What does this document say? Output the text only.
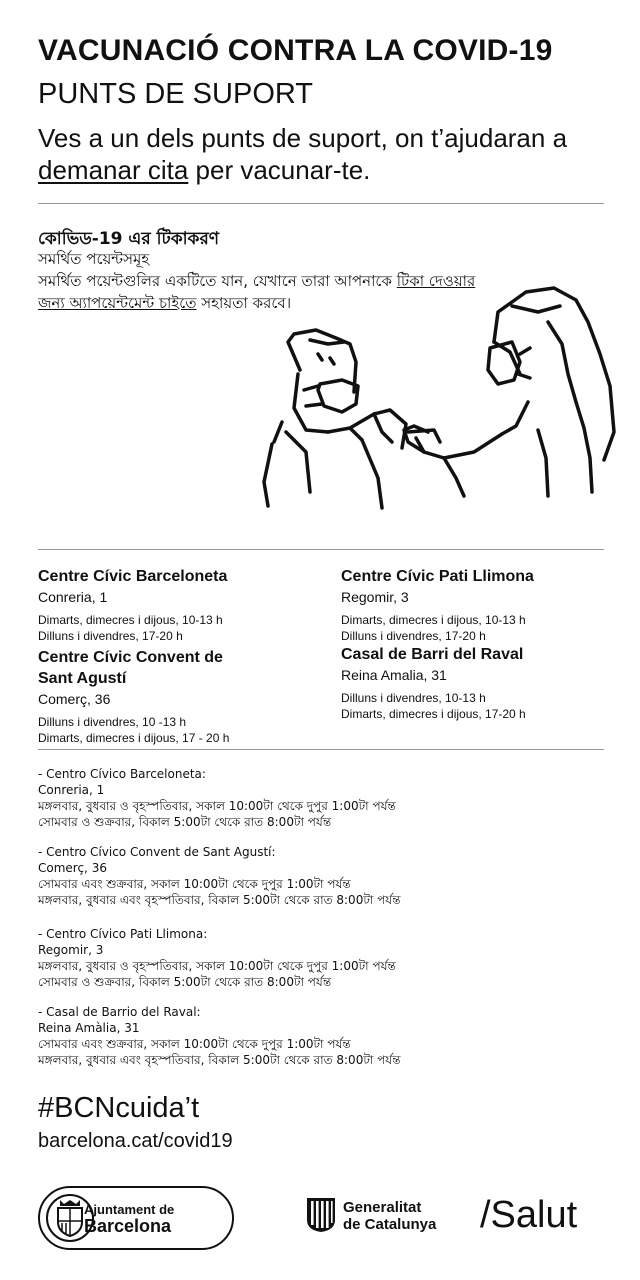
VACUNACIÓ CONTRA LA COVID-19
PUNTS DE SUPORT
Ves a un dels punts de suport, on t’ajudaran a demanar cita per vacunar-te.
কোভিড-19 এর টিকাকরণ
সমর্থিত পয়েন্টসমূহ
সমর্থিত পয়েন্টগুলির একটিতে যান, যেখানে তারা আপনাকে টিকা দেওয়ার জন্য অ্যাপয়েন্টমেন্ট চাইতে সহায়তা করবে।
Centre Cívic Barceloneta
Conreria, 1
Dimarts, dimecres i dijous, 10-13 h
Dilluns i divendres, 17-20 h
Centre Cívic Convent de Sant Agustí
Comerç, 36
Dilluns i divendres, 10 -13 h
Dimarts, dimecres i dijous, 17 - 20 h
Centre Cívic Pati Llimona
Regomir, 3
Dimarts, dimecres i dijous, 10-13 h
Dilluns i divendres, 17-20 h
Casal de Barri del Raval
Reina Amalia, 31
Dilluns i divendres, 10-13 h
Dimarts, dimecres i dijous, 17-20 h
- Centro Cívico Barceloneta:
Conreria, 1
মঙ্গলবার, বুধবার ও বৃহস্পতিবার, সকাল 10:00টা থেকে দুপুর 1:00টা পর্যন্ত
সোমবার ও শুক্রবার, বিকাল 5:00টা থেকে রাত 8:00টা পর্যন্ত
- Centro Cívico Convent de Sant Agustí:
Comerç, 36
সোমবার এবং শুক্রবার, সকাল 10:00টা থেকে দুপুর 1:00টা পর্যন্ত
মঙ্গলবার, বুধবার এবং বৃহস্পতিবার, বিকাল 5:00টা থেকে রাত 8:00টা পর্যন্ত
- Centro Cívico Pati Llimona:
Regomir, 3
মঙ্গলবার, বুধবার ও বৃহস্পতিবার, সকাল 10:00টা থেকে দুপুর 1:00টা পর্যন্ত
সোমবার ও শুক্রবার, বিকাল 5:00টা থেকে রাত 8:00টা পর্যন্ত
- Casal de Barrio del Raval:
Reina Amàlia, 31
সোমবার এবং শুক্রবার, সকাল 10:00টা থেকে দুপুর 1:00টা পর্যন্ত
মঙ্গলবার, বুধবার এবং বৃহস্পতিবার, বিকাল 5:00টা থেকে রাত 8:00টা পর্যন্ত
#BCNcuida’t
barcelona.cat/covid19
Ajuntament de
Barcelona
Generalitat
de Catalunya /Salut
